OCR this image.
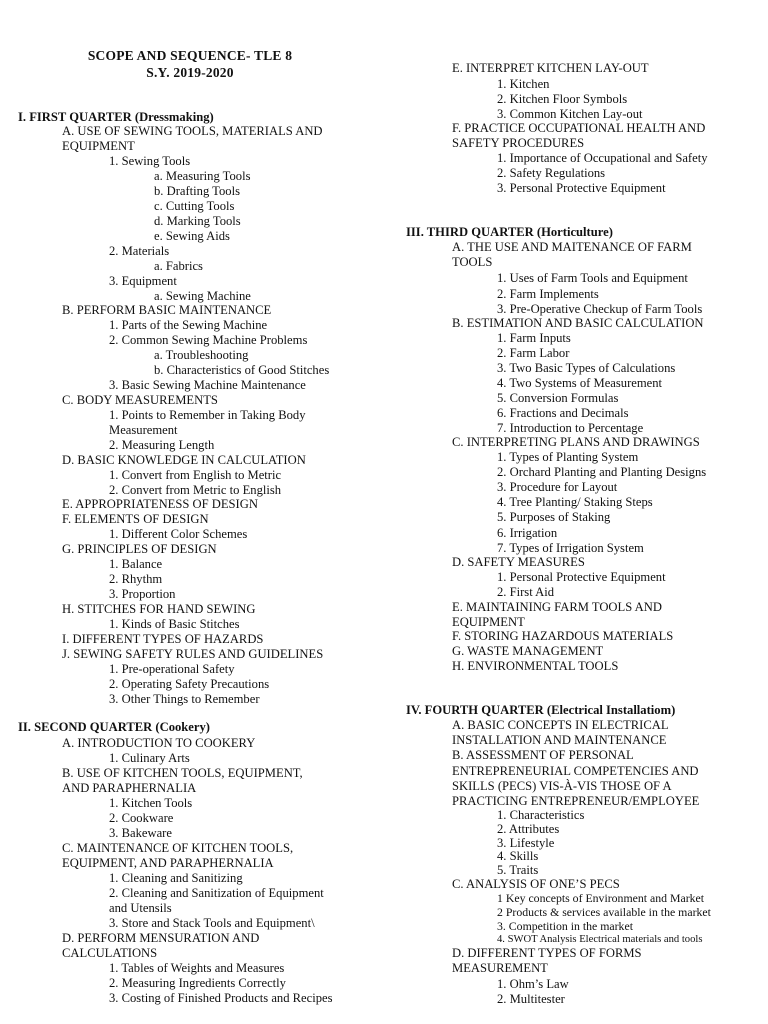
SCOPE AND SEQUENCE- TLE 8
S.Y. 2019-2020
I. FIRST QUARTER (Dressmaking)
A. USE OF SEWING TOOLS, MATERIALS AND
EQUIPMENT
1. Sewing Tools
a. Measuring Tools
b. Drafting Tools
c. Cutting Tools
d. Marking Tools
e. Sewing Aids
2. Materials
a. Fabrics
3. Equipment
a. Sewing Machine
B. PERFORM BASIC MAINTENANCE
1. Parts of the Sewing Machine
2. Common Sewing Machine Problems
a. Troubleshooting
b. Characteristics of Good Stitches
3. Basic Sewing Machine Maintenance
C. BODY MEASUREMENTS
1. Points to Remember in Taking Body
Measurement
2. Measuring Length
D. BASIC KNOWLEDGE IN CALCULATION
1. Convert from English to Metric
2. Convert from Metric to English
E. APPROPRIATENESS OF DESIGN
F. ELEMENTS OF DESIGN
1. Different Color Schemes
G. PRINCIPLES OF DESIGN
1. Balance
2. Rhythm
3. Proportion
H. STITCHES FOR HAND SEWING
1. Kinds of Basic Stitches
I. DIFFERENT TYPES OF HAZARDS
J. SEWING SAFETY RULES AND GUIDELINES
1. Pre-operational Safety
2. Operating Safety Precautions
3. Other Things to Remember
II. SECOND QUARTER (Cookery)
A. INTRODUCTION TO COOKERY
1. Culinary Arts
B. USE OF KITCHEN TOOLS, EQUIPMENT,
AND PARAPHERNALIA
1. Kitchen Tools
2. Cookware
3. Bakeware
C. MAINTENANCE OF KITCHEN TOOLS,
EQUIPMENT, AND PARAPHERNALIA
1. Cleaning and Sanitizing
2. Cleaning and Sanitization of Equipment
and Utensils
3. Store and Stack Tools and Equipment\
D. PERFORM MENSURATION AND
CALCULATIONS
1. Tables of Weights and Measures
2. Measuring Ingredients Correctly
3. Costing of Finished Products and Recipes
E. INTERPRET KITCHEN LAY-OUT
1. Kitchen
2. Kitchen Floor Symbols
3. Common Kitchen Lay-out
F. PRACTICE OCCUPATIONAL HEALTH AND
SAFETY PROCEDURES
1. Importance of Occupational and Safety
2. Safety Regulations
3. Personal Protective Equipment
III. THIRD QUARTER (Horticulture)
A. THE USE AND MAITENANCE OF FARM
TOOLS
1. Uses of Farm Tools and Equipment
2. Farm Implements
3. Pre-Operative Checkup of Farm Tools
B. ESTIMATION AND BASIC CALCULATION
1. Farm Inputs
2. Farm Labor
3. Two Basic Types of Calculations
4. Two Systems of Measurement
5. Conversion Formulas
6. Fractions and Decimals
7. Introduction to Percentage
C. INTERPRETING PLANS AND DRAWINGS
1. Types of Planting System
2. Orchard Planting and Planting Designs
3. Procedure for Layout
4. Tree Planting/ Staking Steps
5. Purposes of Staking
6. Irrigation
7. Types of Irrigation System
D. SAFETY MEASURES
1. Personal Protective Equipment
2. First Aid
E. MAINTAINING FARM TOOLS AND
EQUIPMENT
F. STORING HAZARDOUS MATERIALS
G. WASTE MANAGEMENT
H. ENVIRONMENTAL TOOLS
IV. FOURTH QUARTER (Electrical Installatiom)
A. BASIC CONCEPTS IN ELECTRICAL
INSTALLATION AND MAINTENANCE
B. ASSESSMENT OF PERSONAL
ENTREPRENEURIAL COMPETENCIES AND
SKILLS (PECS) VIS-À-VIS THOSE OF A
PRACTICING ENTREPRENEUR/EMPLOYEE
1. Characteristics
2. Attributes
3. Lifestyle
4. Skills
5. Traits
C. ANALYSIS OF ONE’S PECS
1 Key concepts of Environment and Market
2 Products & services available in the market
3. Competition in the market
4. SWOT Analysis Electrical materials and tools
D. DIFFERENT TYPES OF FORMS
MEASUREMENT
1. Ohm’s Law
2. Multitester
